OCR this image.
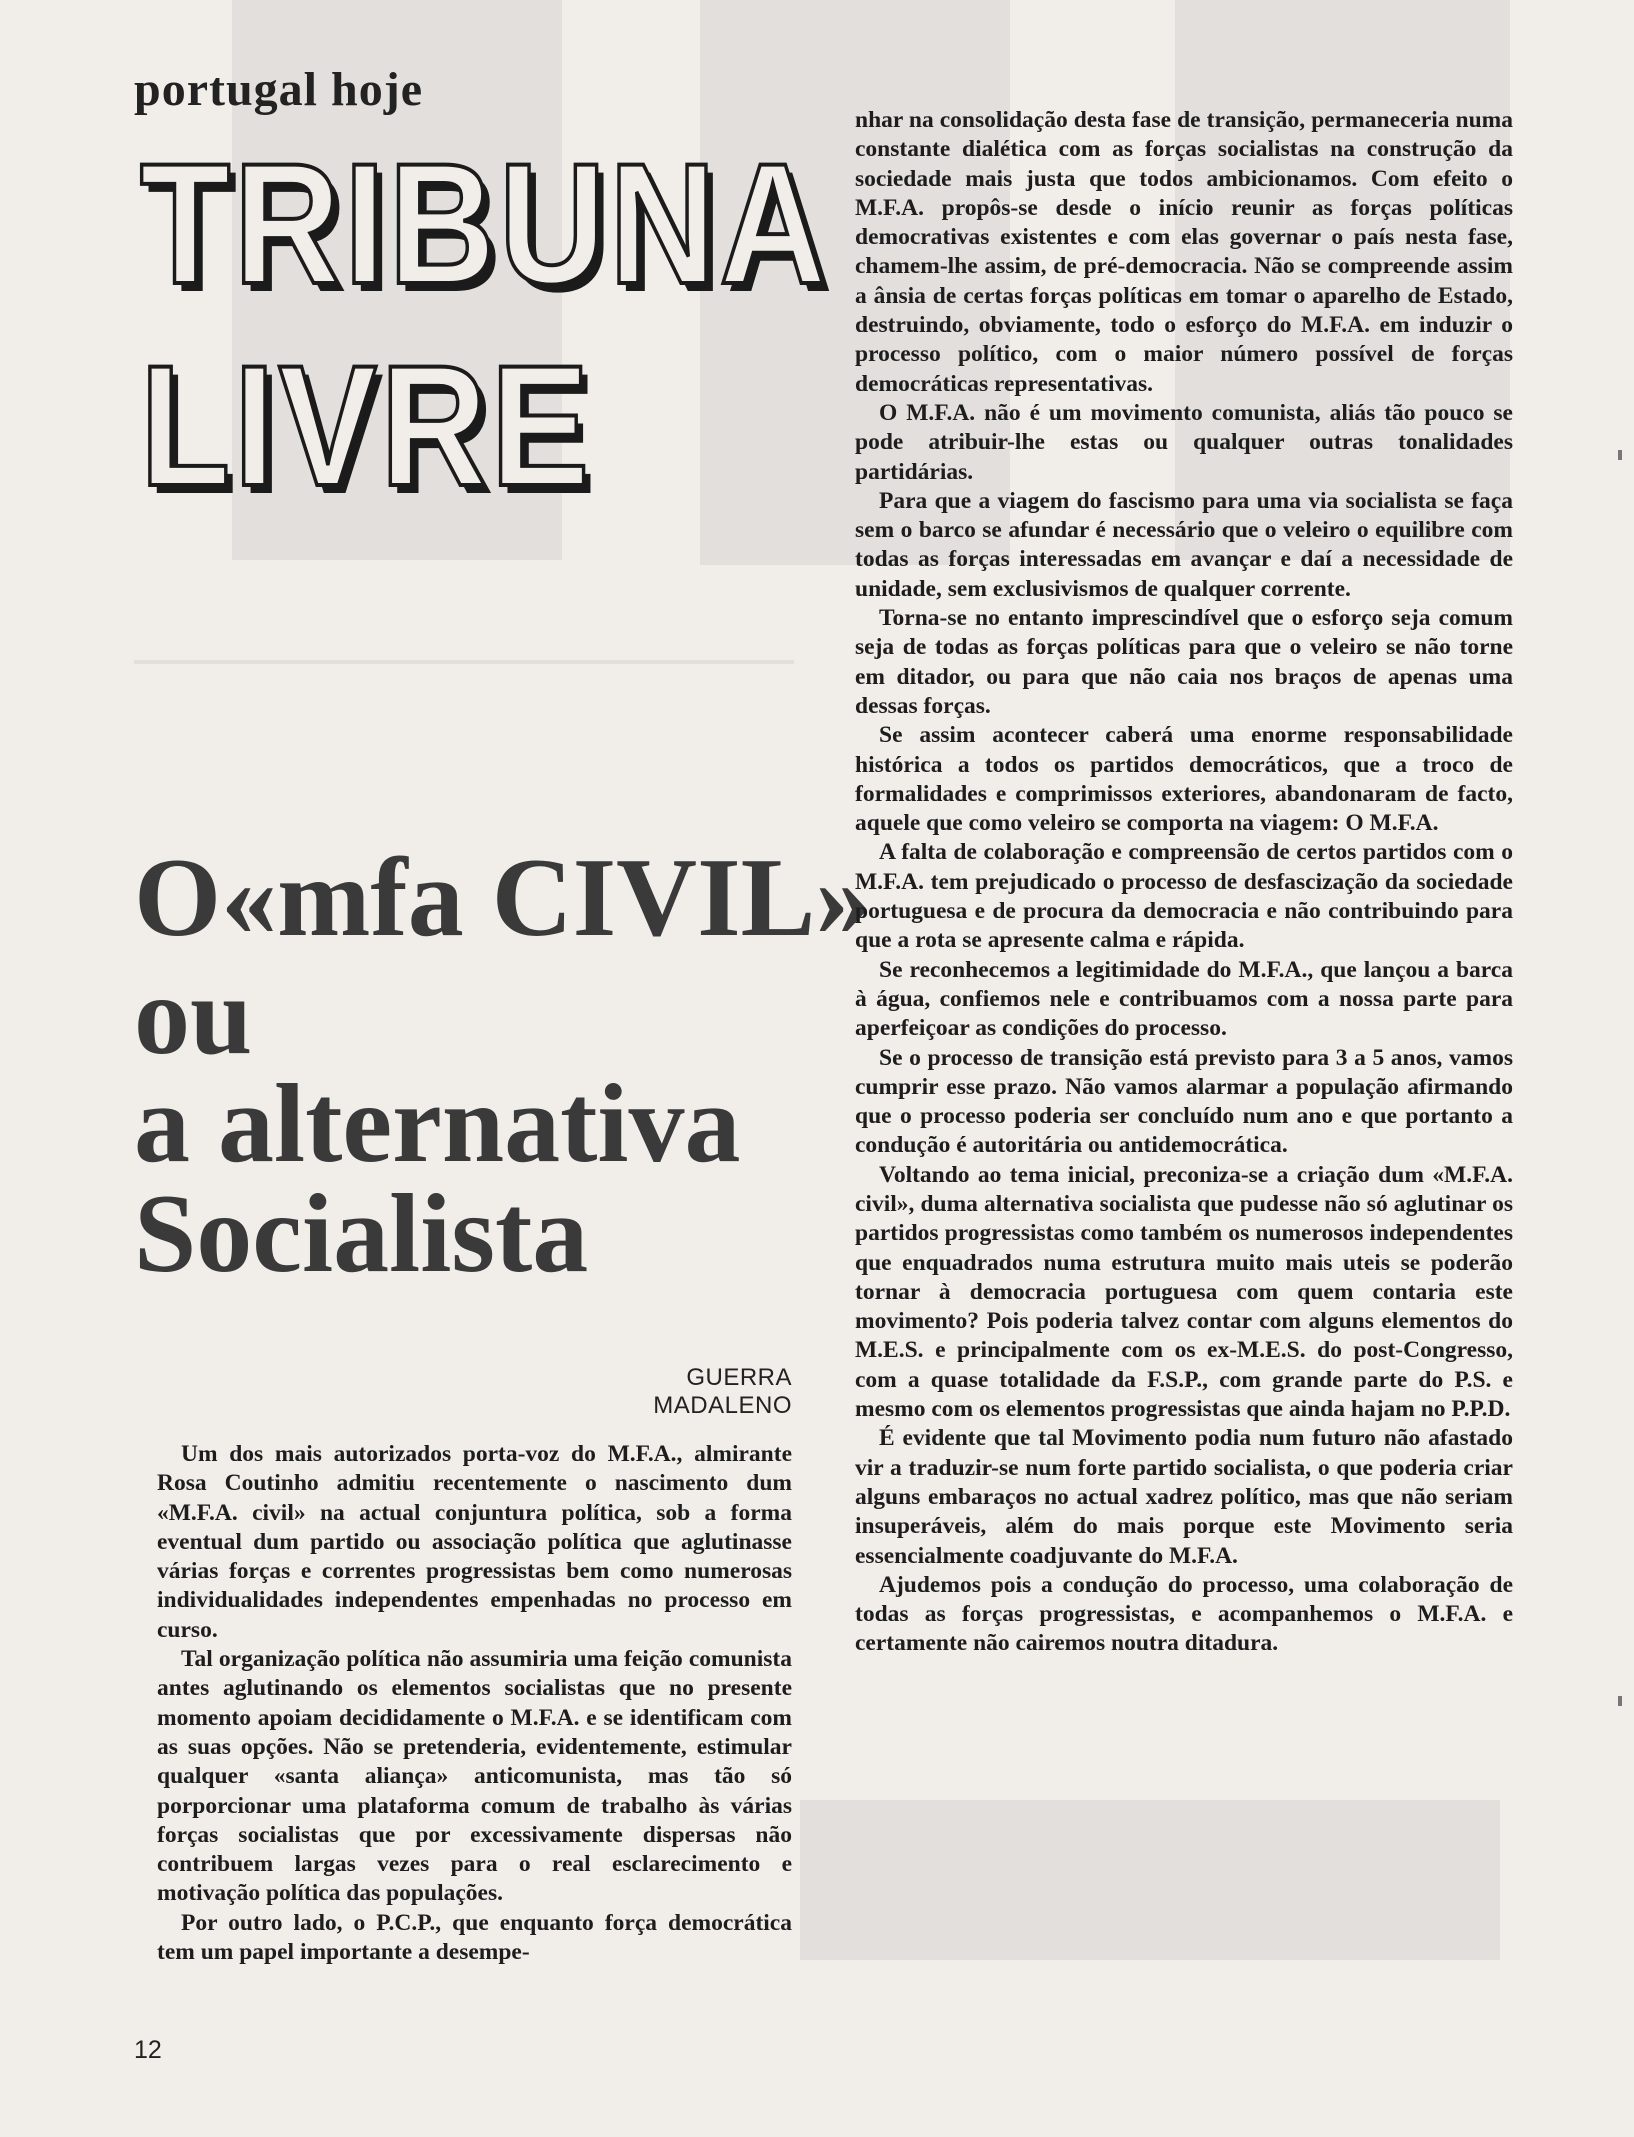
portugal hoje
TRIBUNA
LIVRE
O«mfa CIVIL»
ou
a alternativa
Socialista
GUERRA MADALENO

Um dos mais autorizados porta-voz do M.F.A., almirante Rosa Coutinho admitiu recentemente o nascimento dum «M.F.A. civil» na actual conjuntura política, sob a forma eventual dum partido ou associação política que aglutinasse várias forças e correntes progressistas bem como numerosas individualidades independentes empenhadas no processo em curso.

Tal organização política não assumiria uma feição comunista antes aglutinando os elementos socialistas que no presente momento apoiam decididamente o M.F.A. e se identificam com as suas opções. Não se pretenderia, evidentemente, estimular qualquer «santa aliança» anticomunista, mas tão só porporcionar uma plataforma comum de trabalho às várias forças socialistas que por excessivamente dispersas não contribuem largas vezes para o real esclarecimento e motivação política das populações.

Por outro lado, o P.C.P., que enquanto força democrática tem um papel importante a desempe-

nhar na consolidação desta fase de transição, permaneceria numa constante dialética com as forças socialistas na construção da sociedade mais justa que todos ambicionamos. Com efeito o M.F.A. propôs-se desde o início reunir as forças políticas democrativas existentes e com elas governar o país nesta fase, chamem-lhe assim, de pré-democracia. Não se compreende assim a ânsia de certas forças políticas em tomar o aparelho de Estado, destruindo, obviamente, todo o esforço do M.F.A. em induzir o processo político, com o maior número possível de forças democráticas representativas.

O M.F.A. não é um movimento comunista, aliás tão pouco se pode atribuir-lhe estas ou qualquer outras tonalidades partidárias.

Para que a viagem do fascismo para uma via socialista se faça sem o barco se afundar é necessário que o veleiro o equilibre com todas as forças interessadas em avançar e daí a necessidade de unidade, sem exclusivismos de qualquer corrente.

Torna-se no entanto imprescindível que o esforço seja comum seja de todas as forças políticas para que o veleiro se não torne em ditador, ou para que não caia nos braços de apenas uma dessas forças.

Se assim acontecer caberá uma enorme responsabilidade histórica a todos os partidos democráticos, que a troco de formalidades e comprimissos exteriores, abandonaram de facto, aquele que como veleiro se comporta na viagem: O M.F.A.

A falta de colaboração e compreensão de certos partidos com o M.F.A. tem prejudicado o processo de desfascização da sociedade portuguesa e de procura da democracia e não contribuindo para que a rota se apresente calma e rápida.

Se reconhecemos a legitimidade do M.F.A., que lançou a barca à água, confiemos nele e contribuamos com a nossa parte para aperfeiçoar as condições do processo.

Se o processo de transição está previsto para 3 a 5 anos, vamos cumprir esse prazo. Não vamos alarmar a população afirmando que o processo poderia ser concluído num ano e que portanto a condução é autoritária ou antidemocrática.

Voltando ao tema inicial, preconiza-se a criação dum «M.F.A. civil», duma alternativa socialista que pudesse não só aglutinar os partidos progressistas como também os numerosos independentes que enquadrados numa estrutura muito mais uteis se poderão tornar à democracia portuguesa com quem contaria este movimento? Pois poderia talvez contar com alguns elementos do M.E.S. e principalmente com os ex-M.E.S. do post-Congresso, com a quase totalidade da F.S.P., com grande parte do P.S. e mesmo com os elementos progressistas que ainda hajam no P.P.D.

É evidente que tal Movimento podia num futuro não afastado vir a traduzir-se num forte partido socialista, o que poderia criar alguns embaraços no actual xadrez político, mas que não seriam insuperáveis, além do mais porque este Movimento seria essencialmente coadjuvante do M.F.A.

Ajudemos pois a condução do processo, uma colaboração de todas as forças progressistas, e acompanhemos o M.F.A. e certamente não cairemos noutra ditadura.

12
